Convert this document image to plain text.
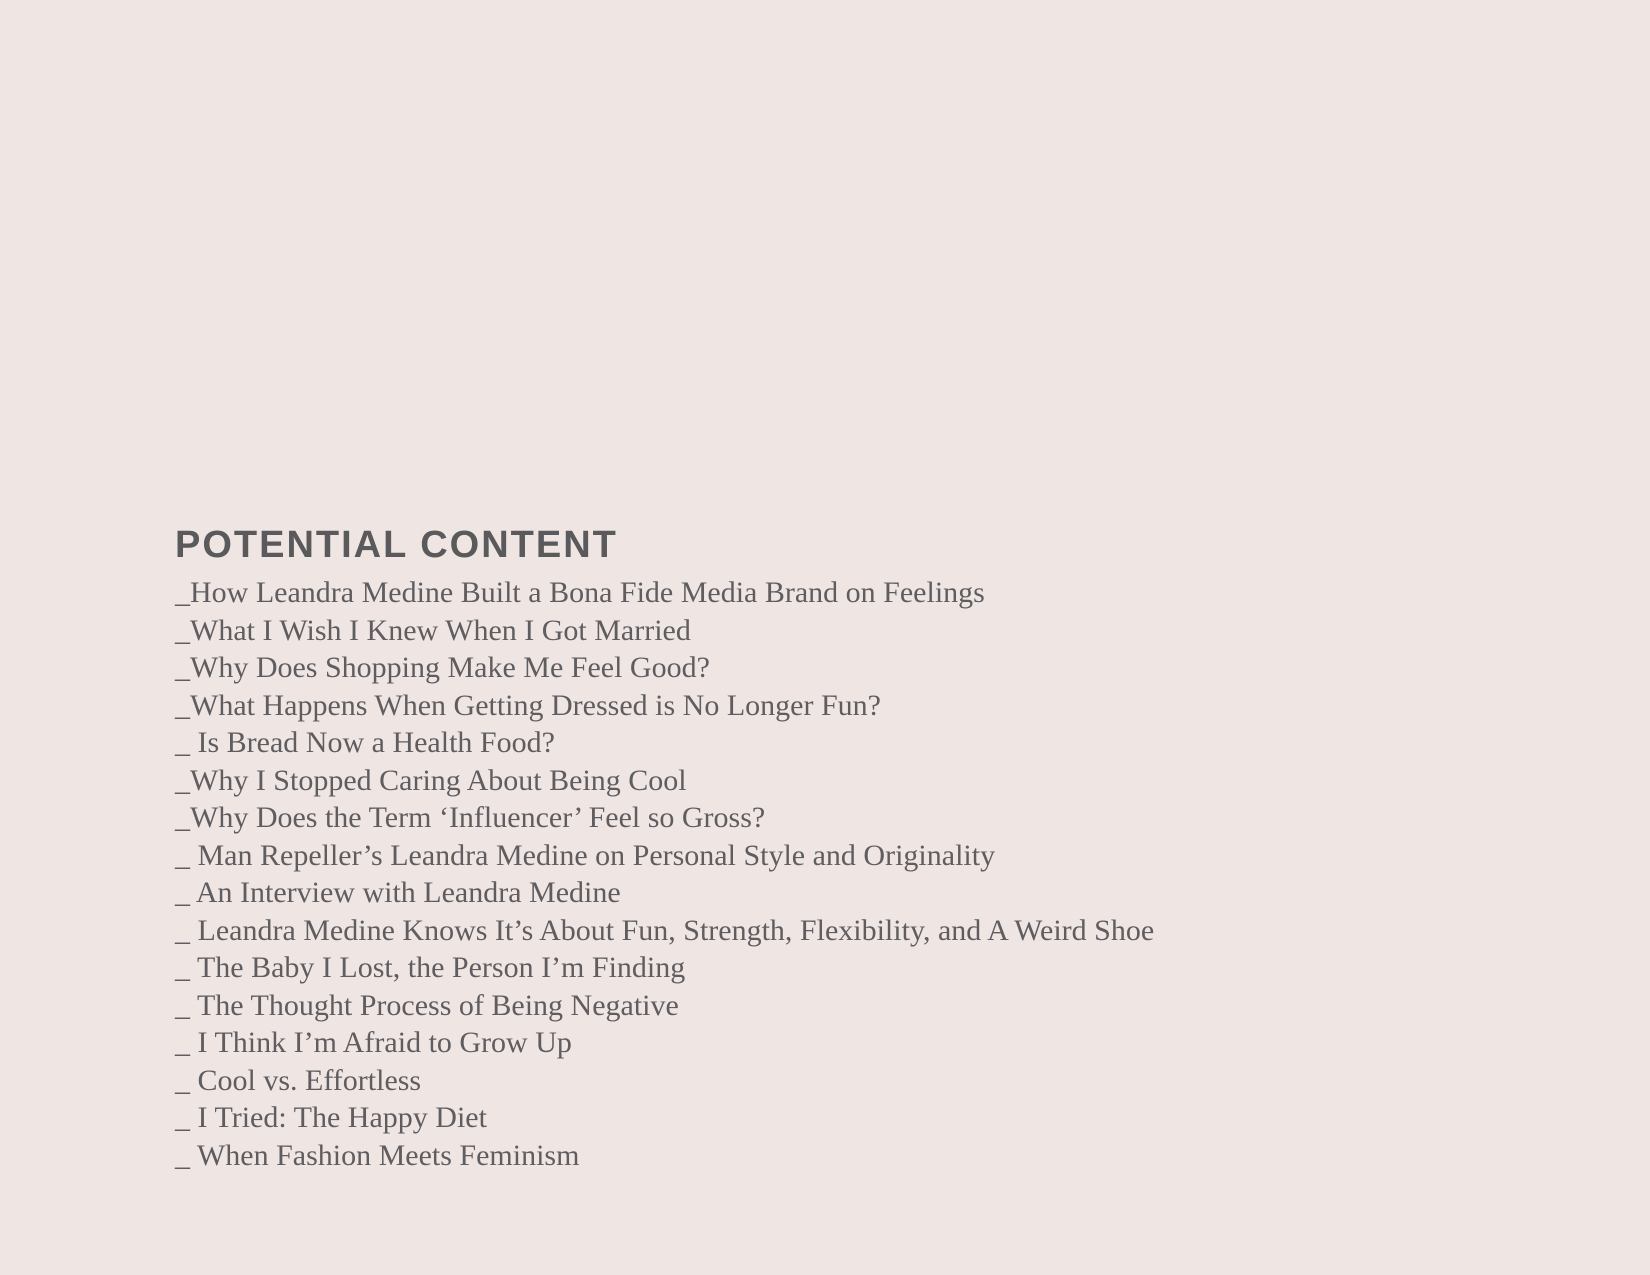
POTENTIAL CONTENT
_How Leandra Medine Built a Bona Fide Media Brand on Feelings
_What I Wish I Knew When I Got Married
_Why Does Shopping Make Me Feel Good?
_What Happens When Getting Dressed is No Longer Fun?
_ Is Bread Now a Health Food?
_Why I Stopped Caring About Being Cool
_Why Does the Term ‘Influencer’ Feel so Gross?
_ Man Repeller’s Leandra Medine on Personal Style and Originality
_ An Interview with Leandra Medine
_ Leandra Medine Knows It’s About Fun, Strength, Flexibility, and A Weird Shoe
_ The Baby I Lost, the Person I’m Finding
_ The Thought Process of Being Negative
_ I Think I’m Afraid to Grow Up
_ Cool vs. Effortless
_ I Tried: The Happy Diet
_ When Fashion Meets Feminism
